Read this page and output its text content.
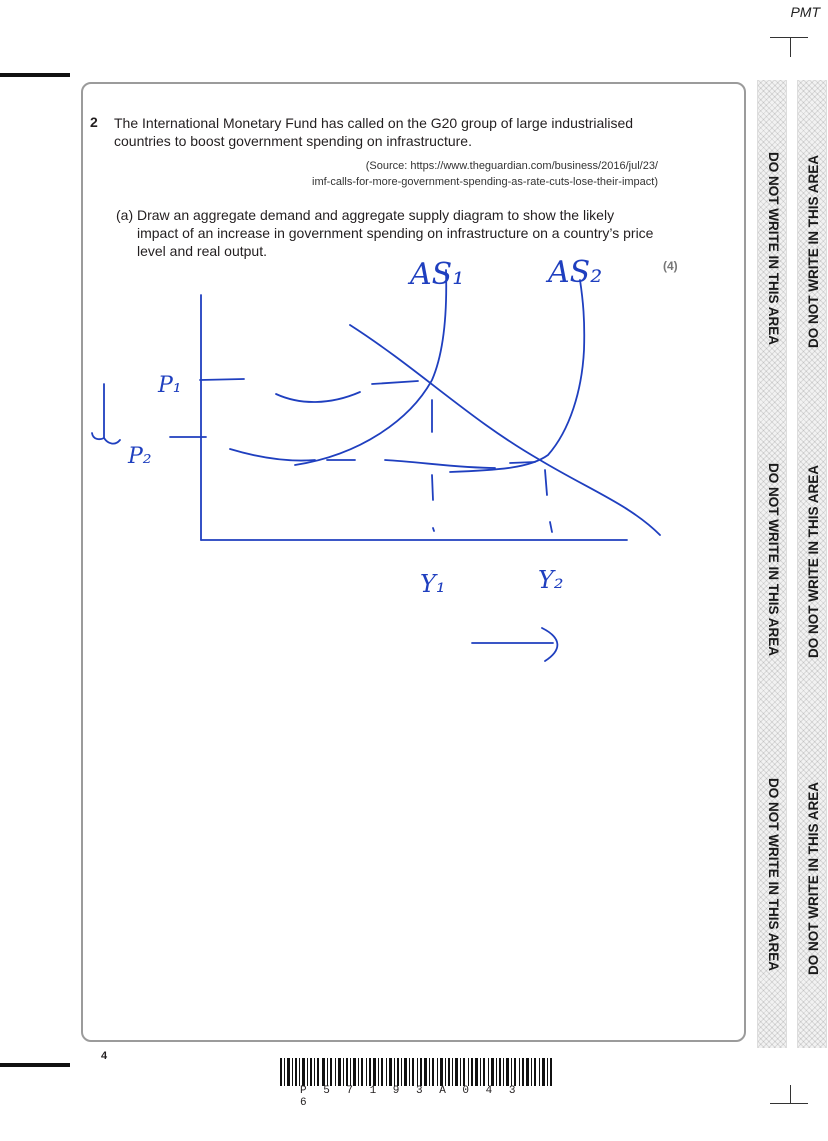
PMT
2 The International Monetary Fund has called on the G20 group of large industrialised countries to boost government spending on infrastructure.
(Source: https://www.theguardian.com/business/2016/jul/23/
imf-calls-for-more-government-spending-as-rate-cuts-lose-their-impact)
(a) Draw an aggregate demand and aggregate supply diagram to show the likely impact of an increase in government spending on infrastructure on a country’s price level and real output.
(4)
AS₁	AS₂
P₁
P₂
Y₁	Y₂
4
P 5 7 1 9 3 A 0 4 3 6
DO NOT WRITE IN THIS AREA
DO NOT WRITE IN THIS AREA
DO NOT WRITE IN THIS AREA
DO NOT WRITE IN THIS AREA
DO NOT WRITE IN THIS AREA
DO NOT WRITE IN THIS AREA
